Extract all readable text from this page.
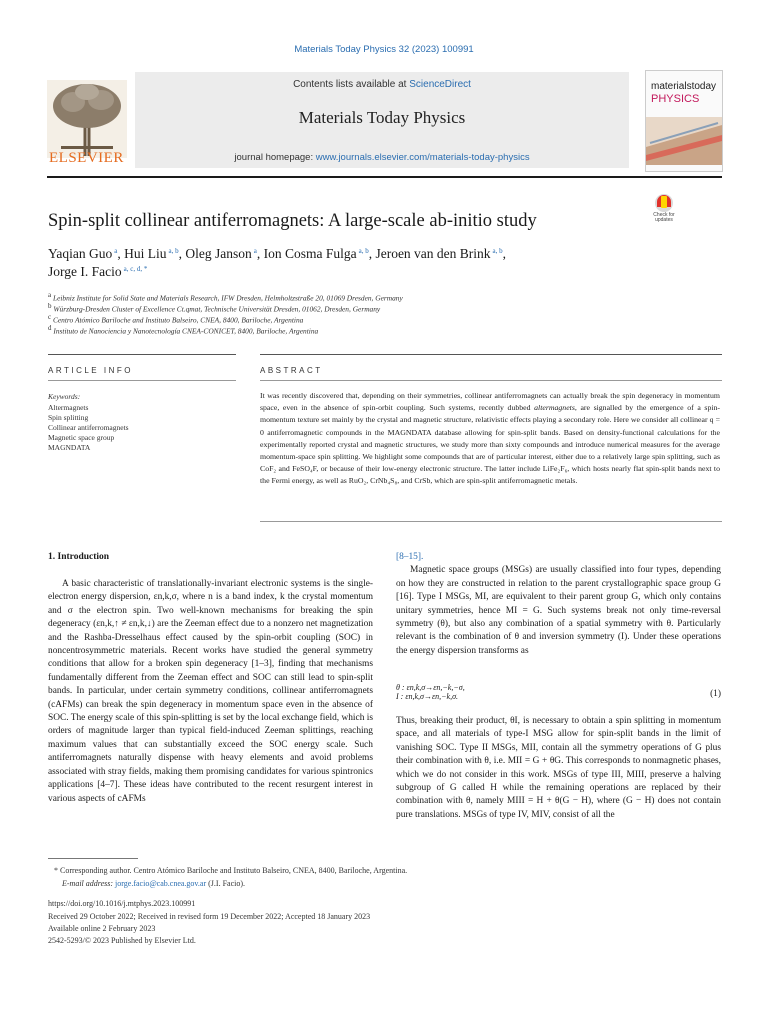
Materials Today Physics 32 (2023) 100991
ELSEVIER
Contents lists available at ScienceDirect
Materials Today Physics
journal homepage: www.journals.elsevier.com/materials-today-physics
materialstoday
PHYSICS
Spin-split collinear antiferromagnets: A large-scale ab-initio study	Check for updates
Yaqian Guo $^a$, Hui Liu $^{a, b}$, Oleg Janson $^a$, Ion Cosma Fulga $^{a, b}$, Jeroen van den Brink $^{a, b}$,
Jorge I. Facio $^{a, c, d, *}$
$^a$ Leibniz Institute for Solid State and Materials Research, IFW Dresden, Helmholtzstraße 20, 01069 Dresden, Germany
$^b$ Würzburg-Dresden Cluster of Excellence Ct.qmat, Technische Universität Dresden, 01062, Dresden, Germany
$^c$ Centro Atómico Bariloche and Instituto Balseiro, CNEA, 8400, Bariloche, Argentina
$^d$ Instituto de Nanociencia y Nanotecnología CNEA-CONICET, 8400, Bariloche, Argentina
ARTICLE INFO	ABSTRACT
Keywords:
Altermagnets
Spin splitting
Collinear antiferromagnets
Magnetic space group
MAGNDATA
It was recently discovered that, depending on their symmetries, collinear antiferromagnets can actually break the spin degeneracy in momentum space, even in the absence of spin-orbit coupling. Such systems, recently dubbed altermagnets, are signalled by the emergence of a spin-momentum texture set mainly by the crystal and magnetic structure, relativistic effects playing a secondary role. Here we consider all collinear q = 0 antiferromagnetic compounds in the MAGNDATA database allowing for spin-split bands. Based on density-functional calculations for the experimentally reported crystal and magnetic structures, we study more than sixty compounds and introduce numerical measures for the average momentum-space spin splitting. We highlight some compounds that are of particular interest, either due to a relatively large spin splitting, such as CoF₂ and FeSO₄F, or because of their low-energy electronic structure. The latter include LiFe₂F₆, which hosts nearly flat spin-split bands next to the Fermi energy, as well as RuO₂, CrNb₄S₈, and CrSb, which are spin-split antiferromagnetic metals.
1. Introduction

A basic characteristic of translationally-invariant electronic systems is the single-electron energy dispersion, εn,k,σ, where n is a band index, k the crystal momentum and σ the electron spin. Two well-known mechanisms for breaking the spin degeneracy (εn,k,↑ ≠ εn,k,↓) are the Zeeman effect due to a nonzero net magnetization and the Rashba-Dresselhaus effect caused by the spin-orbit coupling (SOC) in noncentrosymmetric materials. Recent works have studied the general symmetry conditions that allow for a broken spin degeneracy [1–3], finding that mechanisms fundamentally different from the Zeeman effect and SOC can still lead to spin-split bands. In particular, under certain symmetry conditions, collinear antiferromagnets (cAFMs) can break the spin degeneracy in momentum space even in the absence of SOC. The energy scale of this spin-splitting is set by the local exchange field, which is orders of magnitude larger than typical field-induced Zeeman splittings, reaching maximum values that can substantially exceed the SOC energy scale. Such antiferromagnets naturally dispense with heavy elements and avoid problems associated with stray fields, making them promising candidates for various spintronics applications [4–7]. These ideas have contributed to the recent resurgent interest in various aspects of cAFMs

[8–15].

Magnetic space groups (MSGs) are usually classified into four types, depending on how they are constructed in relation to the parent crystallographic space group G [16]. Type I MSGs, MI, are equivalent to their parent group G, which only contains unitary symmetries, hence MI = G. Such systems break not only time-reversal symmetry (θ), but also any combination of a spatial symmetry with θ. Particularly relevant is the combination of θ and inversion symmetry (I). Under these operations the energy dispersion transforms as

θ : εn,k,σ→εn,−k,−σ,
I : εn,k,σ→εn,−k,σ.	(1)

Thus, breaking their product, θI, is necessary to obtain a spin splitting in momentum space, and all materials of type-I MSG allow for spin-split bands in the limit of vanishing SOC. Type II MSGs, MII, contain all the symmetry operations of G plus their combination with θ, i.e. MII = G + θG. This corresponds to nonmagnetic phases, which we do not consider in this work. MSGs of type III, MIII, preserve a halving subgroup of G called H while the remaining operations are replaced by their combination with θ, namely MIII = H + θ(G − H), where (G − H) does not contain pure translations. MSGs of type IV, MIV, consist of all the

* Corresponding author. Centro Atómico Bariloche and Instituto Balseiro, CNEA, 8400, Bariloche, Argentina.
E-mail address: jorge.facio@cab.cnea.gov.ar (J.I. Facio).
https://doi.org/10.1016/j.mtphys.2023.100991
Received 29 October 2022; Received in revised form 19 December 2022; Accepted 18 January 2023
Available online 2 February 2023
2542-5293/© 2023 Published by Elsevier Ltd.
